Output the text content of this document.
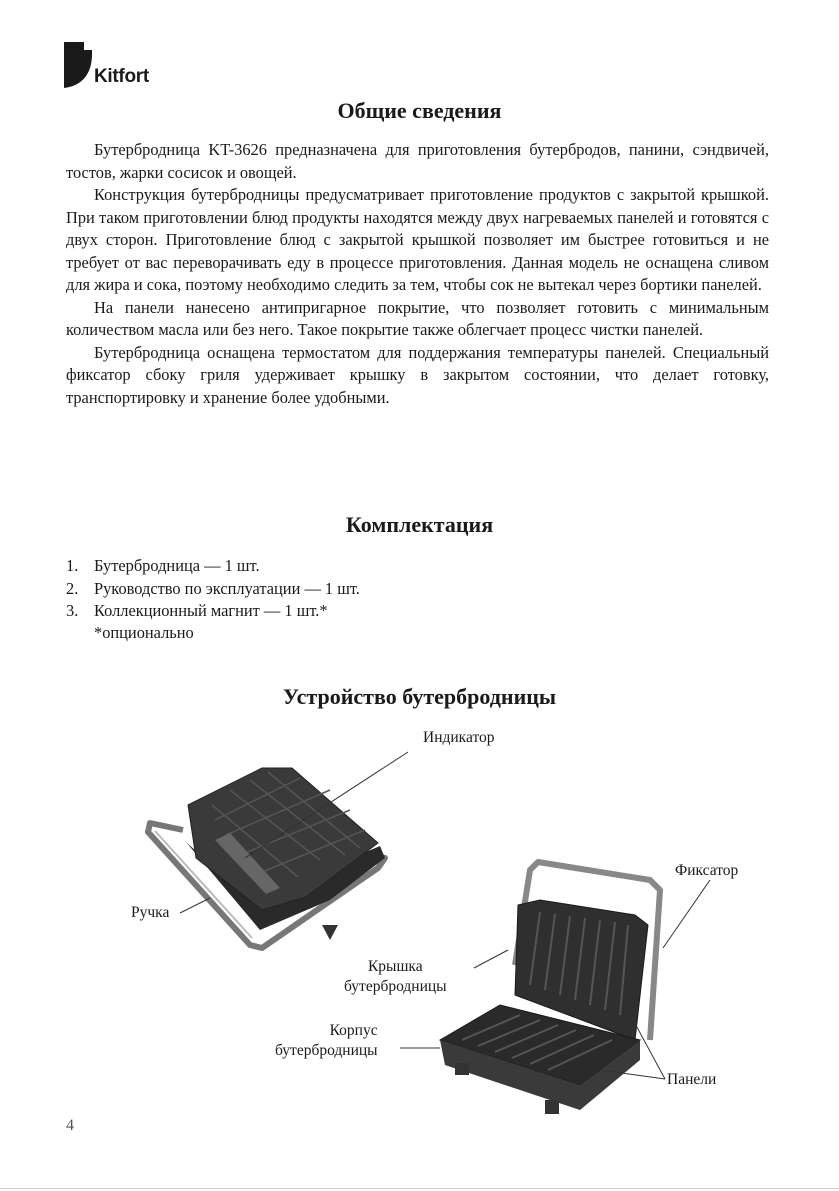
Kitfort
Общие сведения

Бутербродница KT-3626 предназначена для приготовления бутербродов, панини, сэндвичей, тостов, жарки сосисок и овощей.

Конструкция бутербродницы предусматривает приготовление продуктов с закрытой крышкой. При таком приготовлении блюд продукты находятся между двух нагреваемых панелей и готовятся с двух сторон. Приготовление блюд с закрытой крышкой позволяет им быстрее готовиться и не требует от вас переворачивать еду в процессе приготовления. Данная модель не оснащена сливом для жира и сока, поэтому необходимо следить за тем, чтобы сок не вытекал через бортики панелей.

На панели нанесено антипригарное покрытие, что позволяет готовить с минимальным количеством масла или без него. Такое покрытие также облегчает процесс чистки панелей.

Бутербродница оснащена термостатом для поддержания температуры панелей. Специальный фиксатор сбоку гриля удерживает крышку в закрытом состоянии, что делает готовку, транспортировку и хранение более удобными.

Комплектация
1. Бутербродница — 1 шт.
2. Руководство по эксплуатации — 1 шт.
3. Коллекционный магнит — 1 шт.*
*опционально
Устройство бутербродницы
Индикатор
Ручка
Фиксатор
Крышка
бутербродницы
Корпус
бутербродницы
Панели
4
